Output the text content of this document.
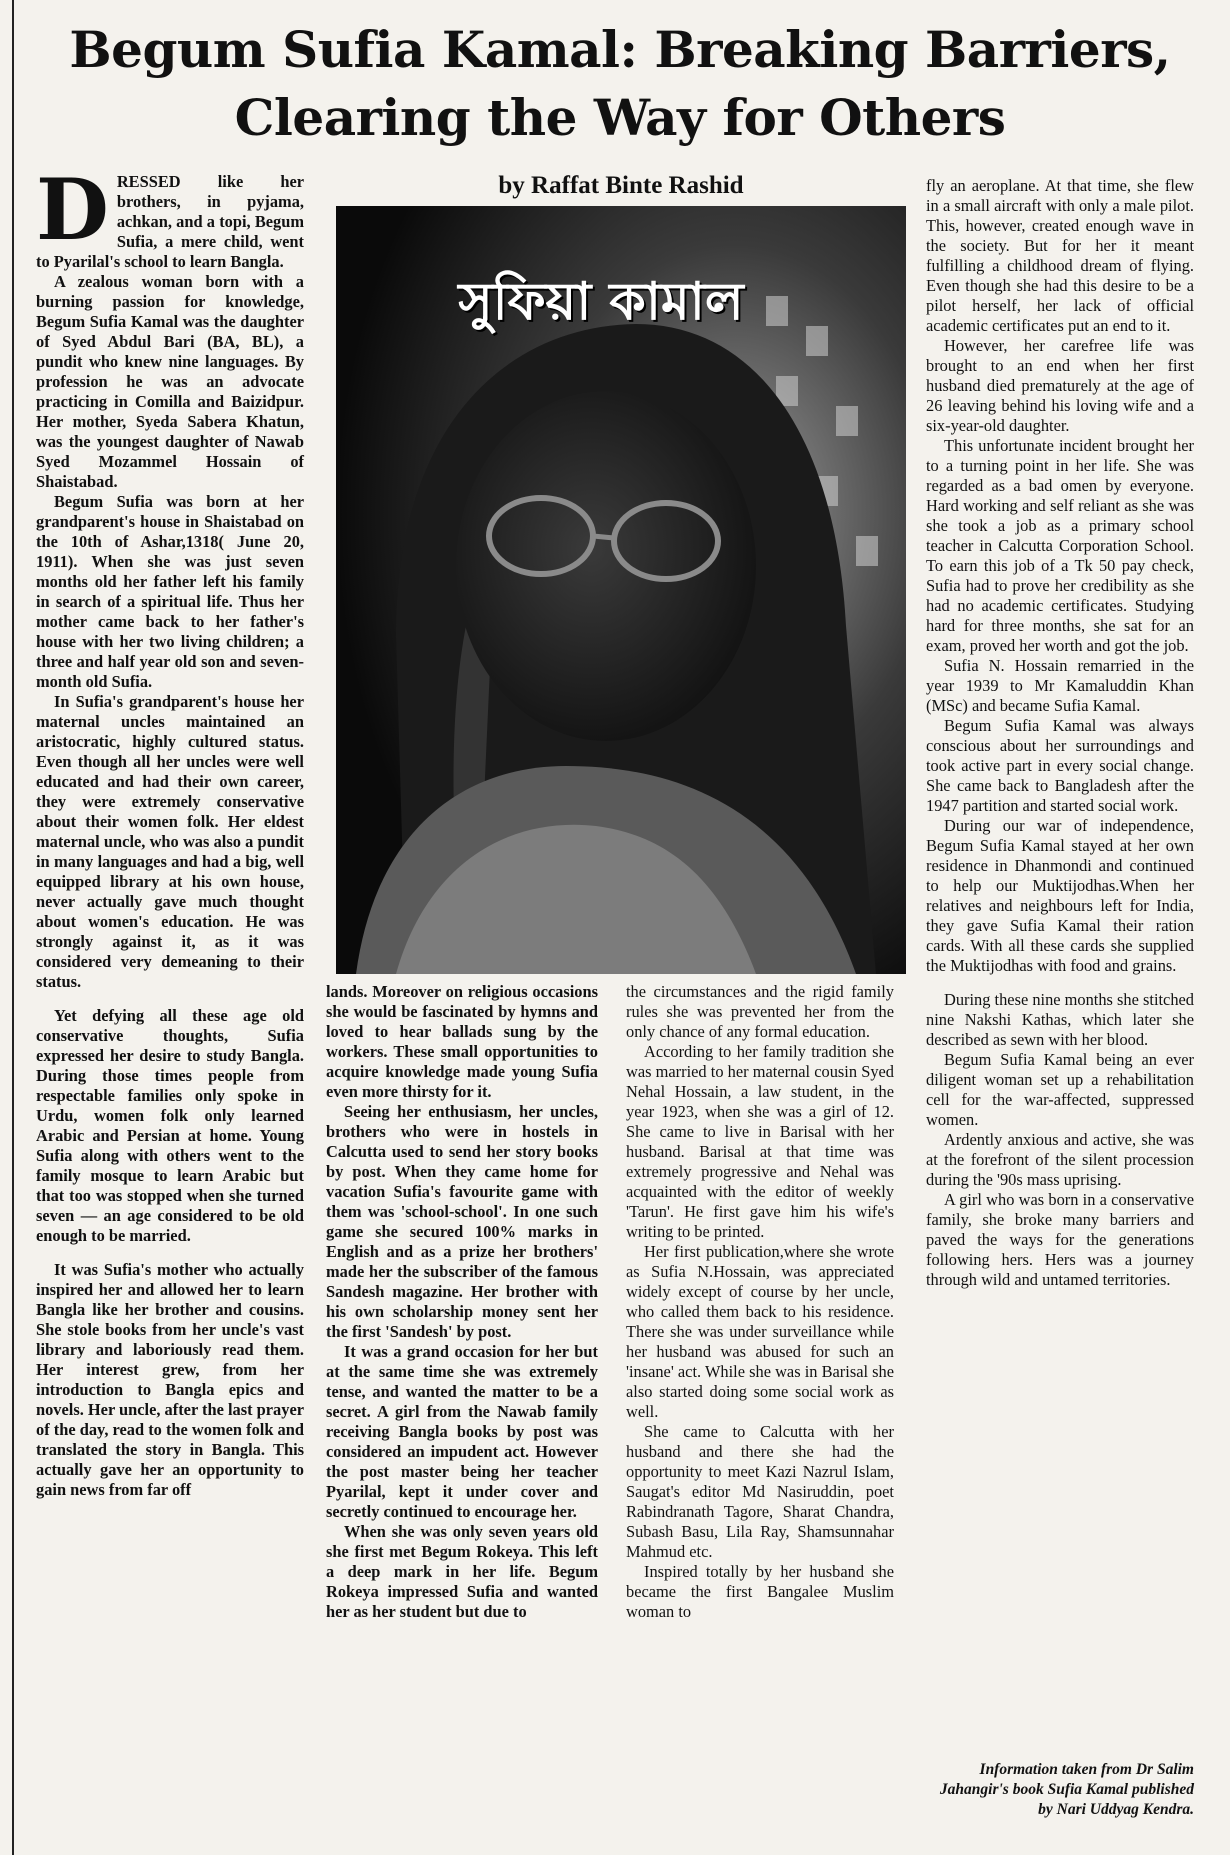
Begum Sufia Kamal: Breaking Barriers,
Clearing the Way for Others
by Raffat Binte Rashid
সুফিয়া কামাল
D RESSED like her brothers, in pyjama, achkan, and a topi, Begum Sufia, a mere child, went to Pyarilal's school to learn Bangla.

A zealous woman born with a burning passion for knowledge, Begum Sufia Kamal was the daughter of Syed Abdul Bari (BA, BL), a pundit who knew nine languages. By profession he was an advocate practicing in Comilla and Baizidpur. Her mother, Syeda Sabera Khatun, was the youngest daughter of Nawab Syed Mozammel Hossain of Shaistabad.

Begum Sufia was born at her grandparent's house in Shaistabad on the 10th of Ashar,1318( June 20, 1911). When she was just seven months old her father left his family in search of a spiritual life. Thus her mother came back to her father's house with her two living children; a three and half year old son and seven-month old Sufia.

In Sufia's grandparent's house her maternal uncles maintained an aristocratic, highly cultured status. Even though all her uncles were well educated and had their own career, they were extremely conservative about their women folk. Her eldest maternal uncle, who was also a pundit in many languages and had a big, well equipped library at his own house, never actually gave much thought about women's education. He was strongly against it, as it was considered very demeaning to their status.

Yet defying all these age old conservative thoughts, Sufia expressed her desire to study Bangla. During those times people from respectable families only spoke in Urdu, women folk only learned Arabic and Persian at home. Young Sufia along with others went to the family mosque to learn Arabic but that too was stopped when she turned seven — an age considered to be old enough to be married.

It was Sufia's mother who actually inspired her and allowed her to learn Bangla like her brother and cousins. She stole books from her uncle's vast library and laboriously read them. Her interest grew, from her introduction to Bangla epics and novels. Her uncle, after the last prayer of the day, read to the women folk and translated the story in Bangla. This actually gave her an opportunity to gain news from far off

lands. Moreover on religious occasions she would be fascinated by hymns and loved to hear ballads sung by the workers. These small opportunities to acquire knowledge made young Sufia even more thirsty for it.

Seeing her enthusiasm, her uncles, brothers who were in hostels in Calcutta used to send her story books by post. When they came home for vacation Sufia's favourite game with them was 'school-school'. In one such game she secured 100% marks in English and as a prize her brothers' made her the subscriber of the famous Sandesh magazine. Her brother with his own scholarship money sent her the first 'Sandesh' by post.

It was a grand occasion for her but at the same time she was extremely tense, and wanted the matter to be a secret. A girl from the Nawab family receiving Bangla books by post was considered an impudent act. However the post master being her teacher Pyarilal, kept it under cover and secretly continued to encourage her.

When she was only seven years old she first met Begum Rokeya. This left a deep mark in her life. Begum Rokeya impressed Sufia and wanted her as her student but due to

the circumstances and the rigid family rules she was prevented her from the only chance of any formal education.

According to her family tradition she was married to her maternal cousin Syed Nehal Hossain, a law student, in the year 1923, when she was a girl of 12. She came to live in Barisal with her husband. Barisal at that time was extremely progressive and Nehal was acquainted with the editor of weekly 'Tarun'. He first gave him his wife's writing to be printed.

Her first publication,where she wrote as Sufia N.Hossain, was appreciated widely except of course by her uncle, who called them back to his residence. There she was under surveillance while her husband was abused for such an 'insane' act. While she was in Barisal she also started doing some social work as well.

She came to Calcutta with her husband and there she had the opportunity to meet Kazi Nazrul Islam, Saugat's editor Md Nasiruddin, poet Rabindranath Tagore, Sharat Chandra, Subash Basu, Lila Ray, Shamsunnahar Mahmud etc.

Inspired totally by her husband she became the first Bangalee Muslim woman to

fly an aeroplane. At that time, she flew in a small aircraft with only a male pilot. This, however, created enough wave in the society. But for her it meant fulfilling a childhood dream of flying. Even though she had this desire to be a pilot herself, her lack of official academic certificates put an end to it.

However, her carefree life was brought to an end when her first husband died prematurely at the age of 26 leaving behind his loving wife and a six-year-old daughter.

This unfortunate incident brought her to a turning point in her life. She was regarded as a bad omen by everyone. Hard working and self reliant as she was she took a job as a primary school teacher in Calcutta Corporation School. To earn this job of a Tk 50 pay check, Sufia had to prove her credibility as she had no academic certificates. Studying hard for three months, she sat for an exam, proved her worth and got the job.

Sufia N. Hossain remarried in the year 1939 to Mr Kamaluddin Khan (MSc) and became Sufia Kamal.

Begum Sufia Kamal was always conscious about her surroundings and took active part in every social change. She came back to Bangladesh after the 1947 partition and started social work.

During our war of independence, Begum Sufia Kamal stayed at her own residence in Dhanmondi and continued to help our Muktijodhas.When her relatives and neighbours left for India, they gave Sufia Kamal their ration cards. With all these cards she supplied the Muktijodhas with food and grains.

During these nine months she stitched nine Nakshi Kathas, which later she described as sewn with her blood.

Begum Sufia Kamal being an ever diligent woman set up a rehabilitation cell for the war-affected, suppressed women.

Ardently anxious and active, she was at the forefront of the silent procession during the '90s mass uprising.

A girl who was born in a conservative family, she broke many barriers and paved the ways for the generations following hers. Hers was a journey through wild and untamed territories.

Information taken from Dr Salim Jahangir's book Sufia Kamal published by Nari Uddyag Kendra.
